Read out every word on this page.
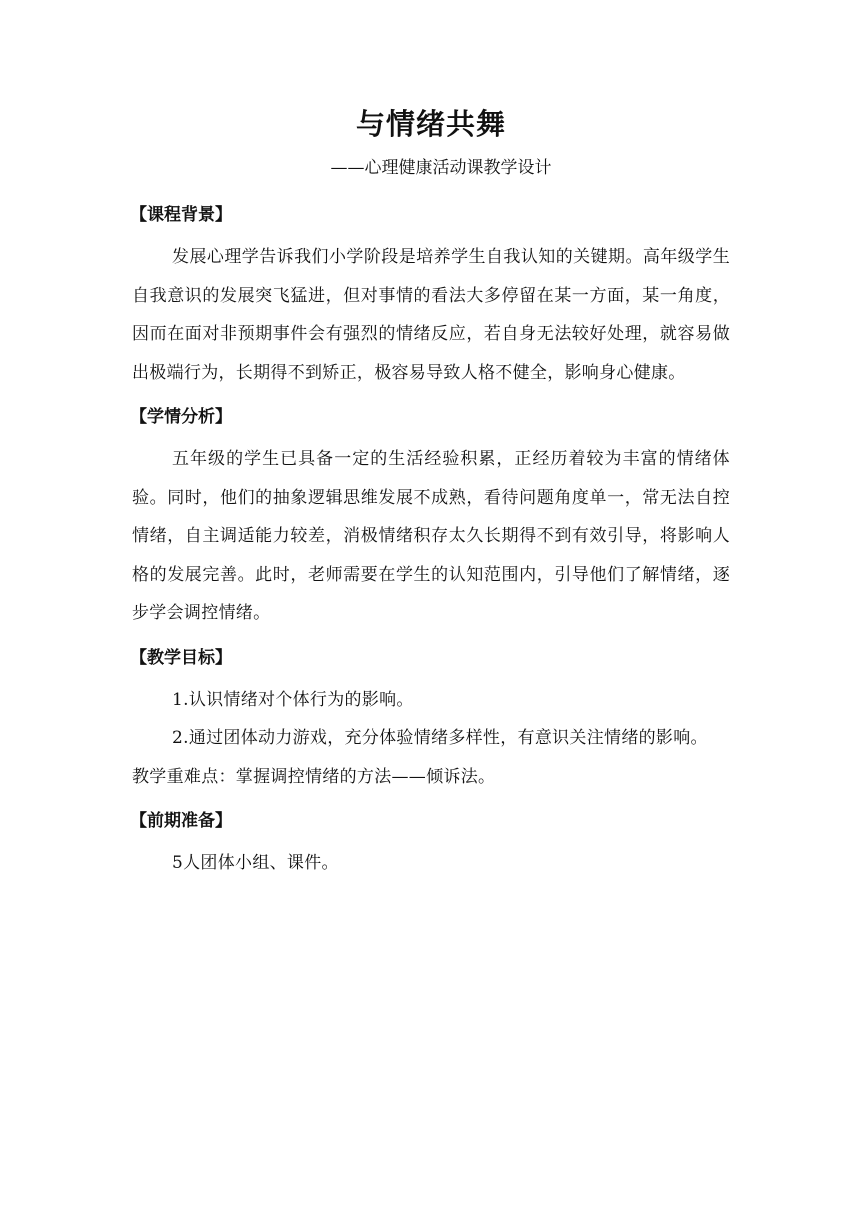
与情绪共舞

——心理健康活动课教学设计

【课程背景】

发展心理学告诉我们小学阶段是培养学生自我认知的关键期。高年级学生自我意识的发展突飞猛进，但对事情的看法大多停留在某一方面，某一角度，因而在面对非预期事件会有强烈的情绪反应，若自身无法较好处理，就容易做出极端行为，长期得不到矫正，极容易导致人格不健全，影响身心健康。

【学情分析】

五年级的学生已具备一定的生活经验积累，正经历着较为丰富的情绪体验。同时，他们的抽象逻辑思维发展不成熟，看待问题角度单一，常无法自控情绪，自主调适能力较差，消极情绪积存太久长期得不到有效引导，将影响人格的发展完善。此时，老师需要在学生的认知范围内，引导他们了解情绪，逐步学会调控情绪。

【教学目标】

1.认识情绪对个体行为的影响。

2.通过团体动力游戏，充分体验情绪多样性，有意识关注情绪的影响。

教学重难点：掌握调控情绪的方法——倾诉法。

【前期准备】

5人团体小组、课件。
